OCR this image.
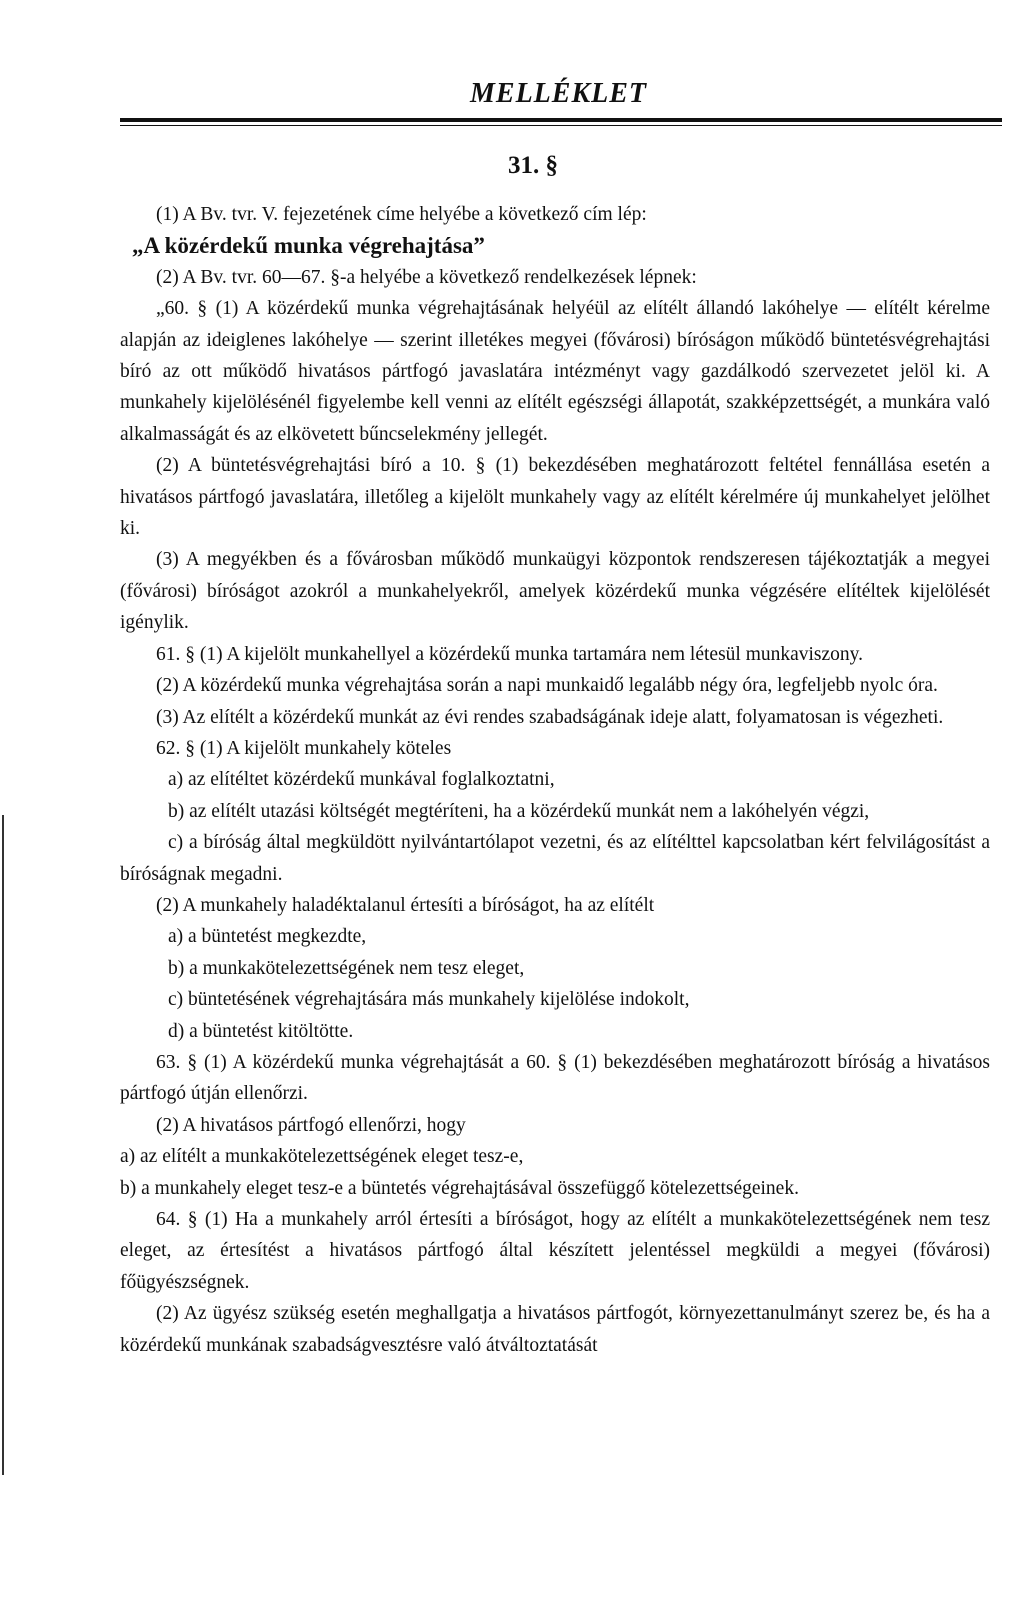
MELLÉKLET
31. §

(1) A Bv. tvr. V. fejezetének címe helyébe a következő cím lép:

„A közérdekű munka végrehajtása”

(2) A Bv. tvr. 60—67. §-a helyébe a következő rendelkezések lépnek:

„60. § (1) A közérdekű munka végrehajtásának helyéül az elítélt állandó lakóhelye — elítélt kérelme alapján az ideiglenes lakóhelye — szerint illetékes megyei (fővárosi) bíróságon működő büntetésvégrehajtási bíró az ott működő hivatásos pártfogó javaslatára intézményt vagy gazdálkodó szervezetet jelöl ki. A munkahely kijelölésénél figyelembe kell venni az elítélt egészségi állapotát, szakképzettségét, a munkára való alkalmasságát és az elkövetett bűncselekmény jellegét.

(2) A büntetésvégrehajtási bíró a 10. § (1) bekezdésében meghatározott feltétel fennállása esetén a hivatásos pártfogó javaslatára, illetőleg a kijelölt munkahely vagy az elítélt kérelmére új munkahelyet jelölhet ki.

(3) A megyékben és a fővárosban működő munkaügyi központok rendszeresen tájékoztatják a megyei (fővárosi) bíróságot azokról a munkahelyekről, amelyek közérdekű munka végzésére elítéltek kijelölését igénylik.

61. § (1) A kijelölt munkahellyel a közérdekű munka tartamára nem létesül munkaviszony.

(2) A közérdekű munka végrehajtása során a napi munkaidő legalább négy óra, legfeljebb nyolc óra.

(3) Az elítélt a közérdekű munkát az évi rendes szabadságának ideje alatt, folyamatosan is végezheti.

62. § (1) A kijelölt munkahely köteles

a) az elítéltet közérdekű munkával foglalkoztatni,

b) az elítélt utazási költségét megtéríteni, ha a közérdekű munkát nem a lakóhelyén végzi,

c) a bíróság által megküldött nyilvántartólapot vezetni, és az elítélttel kapcsolatban kért felvilágosítást a bíróságnak megadni.

(2) A munkahely haladéktalanul értesíti a bíróságot, ha az elítélt

a) a büntetést megkezdte,

b) a munkakötelezettségének nem tesz eleget,

c) büntetésének végrehajtására más munkahely kijelölése indokolt,

d) a büntetést kitöltötte.

63. § (1) A közérdekű munka végrehajtását a 60. § (1) bekezdésében meghatározott bíróság a hivatásos pártfogó útján ellenőrzi.

(2) A hivatásos pártfogó ellenőrzi, hogy

a) az elítélt a munkakötelezettségének eleget tesz-e,

b) a munkahely eleget tesz-e a büntetés végrehajtásával összefüggő kötelezettségeinek.

64. § (1) Ha a munkahely arról értesíti a bíróságot, hogy az elítélt a munkakötelezettségének nem tesz eleget, az értesítést a hivatásos pártfogó által készített jelentéssel megküldi a megyei (fővárosi) főügyészségnek.

(2) Az ügyész szükség esetén meghallgatja a hivatásos pártfogót, környezettanulmányt szerez be, és ha a közérdekű munkának szabadságvesztésre való átváltoztatását
